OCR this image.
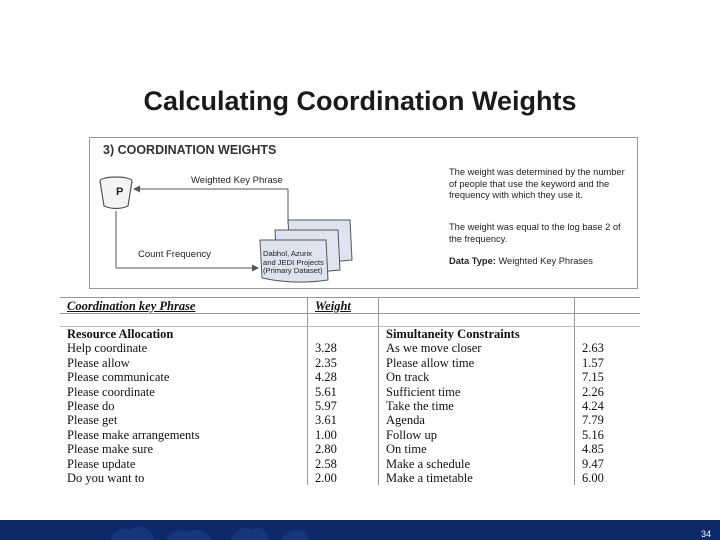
Calculating Coordination Weights
3) COORDINATION WEIGHTS
P
Weighted Key Phrase
Count Frequency	Dabhol, Azurix
and JEDI Projects
(Primary Dataset)
The weight was determined by the number of people that use the keyword and the frequency with which they use it.
The weight was equal to the log base 2 of the frequency.
Data Type: Weighted Key Phrases
Coordination key Phrase	Weight		

Resource Allocation		Simultaneity Constraints	
Help coordinate	3.28	As we move closer	2.63
Please allow	2.35	Please allow time	1.57
Please communicate	4.28	On track	7.15
Please coordinate	5.61	Sufficient time	2.26
Please do	5.97	Take the time	4.24
Please get	3.61	Agenda	7.79
Please make arrangements	1.00	Follow up	5.16
Please make sure	2.80	On time	4.85
Please update	2.58	Make a schedule	9.47
Do you want to	2.00	Make a timetable	6.00
34
